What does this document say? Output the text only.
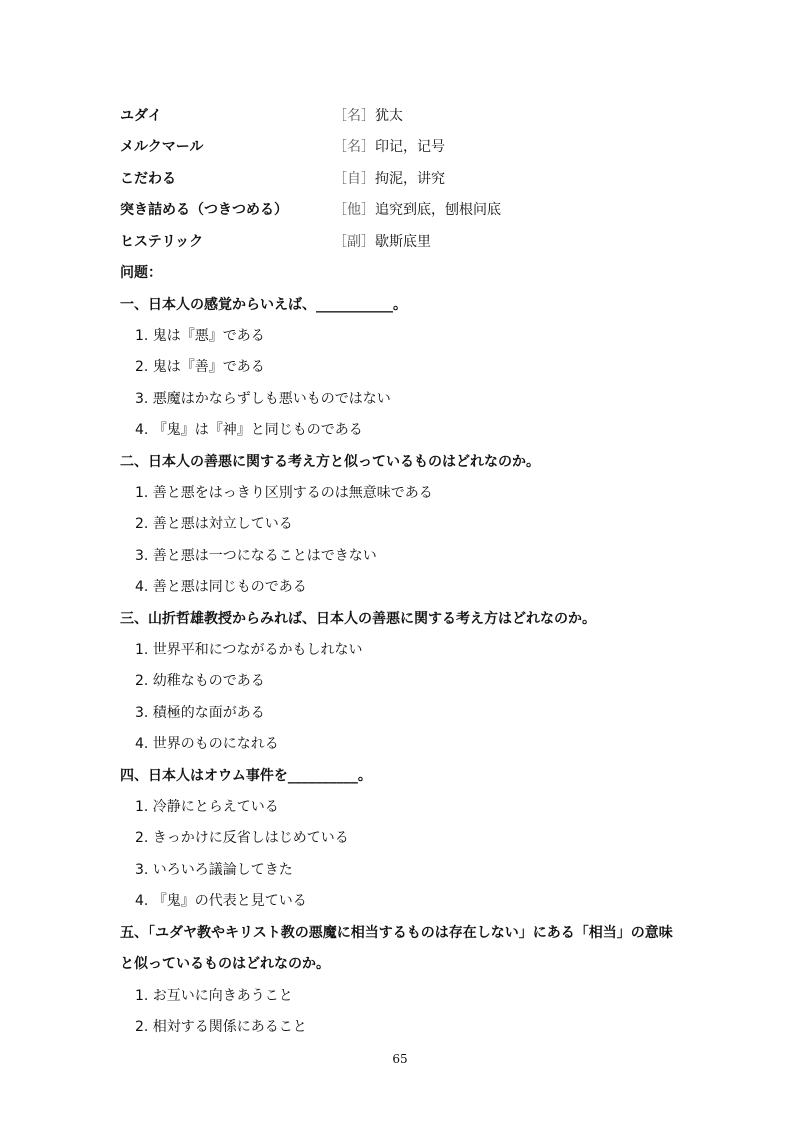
ユダイ	［名］犹太
メルクマール	［名］印记，记号
こだわる	［自］拘泥，讲究
突き詰める（つきつめる）	［他］追究到底，刨根问底
ヒステリック	［副］歇斯底里
问题：
一、日本人の感覚からいえば、___________。
1. 鬼は『悪』である
2. 鬼は『善』である
3. 悪魔はかならずしも悪いものではない
4. 『鬼』は『神』と同じものである
二、日本人の善悪に関する考え方と似っているものはどれなのか。
1. 善と悪をはっきり区別するのは無意味である
2. 善と悪は対立している
3. 善と悪は一つになることはできない
4. 善と悪は同じものである
三、山折哲雄教授からみれば、日本人の善悪に関する考え方はどれなのか。
1. 世界平和につながるかもしれない
2. 幼稚なものである
3. 積極的な面がある
4. 世界のものになれる
四、日本人はオウム事件を__________。
1. 冷静にとらえている
2. きっかけに反省しはじめている
3. いろいろ議論してきた
4. 『鬼』の代表と見ている
五、「ユダヤ教やキリスト教の悪魔に相当するものは存在しない」にある「相当」の意味
と似っているものはどれなのか。
1. お互いに向きあうこと
2. 相対する関係にあること
65
